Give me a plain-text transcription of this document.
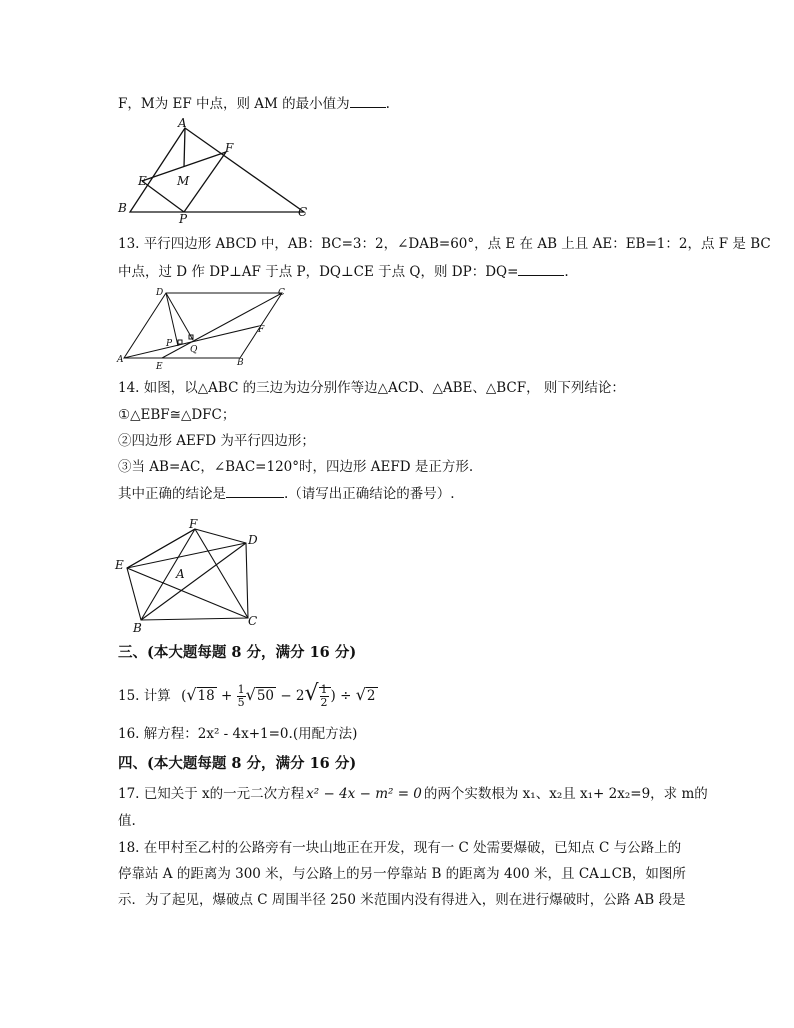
F，M为 EF 中点，则 AM 的最小值为	.
A
F
E	M
B
P	C
13. 平行四边形 ABCD 中，AB：BC=3：2，∠DAB=60°，点 E 在 AB 上且 AE：EB=1：2，点 F 是 BC
中点，过 D 作 DP⊥AF 于点 P，DQ⊥CE 于点 Q，则 DP：DQ=	.
D	C
F
P
Q
A
E	B
14. 如图，以△ABC 的三边为边分别作等边△ACD、△ABE、△BCF， 则下列结论：
①△EBF≅△DFC；
②四边形 AEFD 为平行四边形；
③当 AB=AC，∠BAC=120°时，四边形 AEFD 是正方形.
其中正确的结论是	.（请写出正确结论的番号）.
F
D
E
A
B	C
三、(本大题每题 8 分，满分 16 分)
15. 计算 ($√18 + \frac{1}{5} √50 - 2√ \frac{1}{2}$ ) ÷ √2
16. 解方程：2x² - 4x+1=0.(用配方法)
四、(本大题每题 8 分，满分 16 分)
17. 已知关于 x的一元二次方程 x² − 4x − m² = 0 的两个实数根为 x₁、x₂且 x₁+ 2x₂=9，求 m的
值.
18. 在甲村至乙村的公路旁有一块山地正在开发，现有一 C 处需要爆破，已知点 C 与公路上的
停靠站 A 的距离为 300 米，与公路上的另一停靠站 B 的距离为 400 米，且 CA⊥CB，如图所
示．为了起见，爆破点 C 周围半径 250 米范围内没有得进入，则在进行爆破时，公路 AB 段是
